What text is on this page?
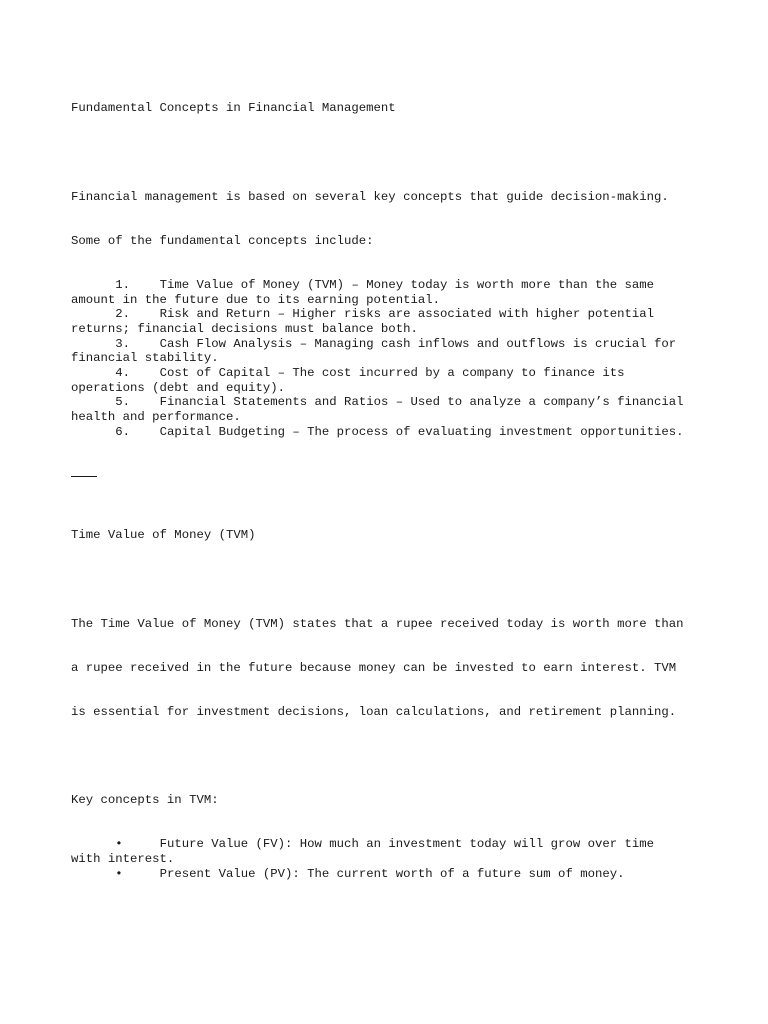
Fundamental Concepts in Financial Management

Financial management is based on several key concepts that guide decision-making.

Some of the fundamental concepts include:

1. Time Value of Money (TVM) – Money today is worth more than the same
amount in the future due to its earning potential.
2. Risk and Return – Higher risks are associated with higher potential
returns; financial decisions must balance both.
3. Cash Flow Analysis – Managing cash inflows and outflows is crucial for
financial stability.
4. Cost of Capital – The cost incurred by a company to finance its
operations (debt and equity).
5. Financial Statements and Ratios – Used to analyze a company’s financial
health and performance.
6. Capital Budgeting – The process of evaluating investment opportunities.

Time Value of Money (TVM)

The Time Value of Money (TVM) states that a rupee received today is worth more than

a rupee received in the future because money can be invested to earn interest. TVM

is essential for investment decisions, loan calculations, and retirement planning.

Key concepts in TVM:

•	Future Value (FV): How much an investment today will grow over time
with interest.
•	Present Value (PV): The current worth of a future sum of money.
